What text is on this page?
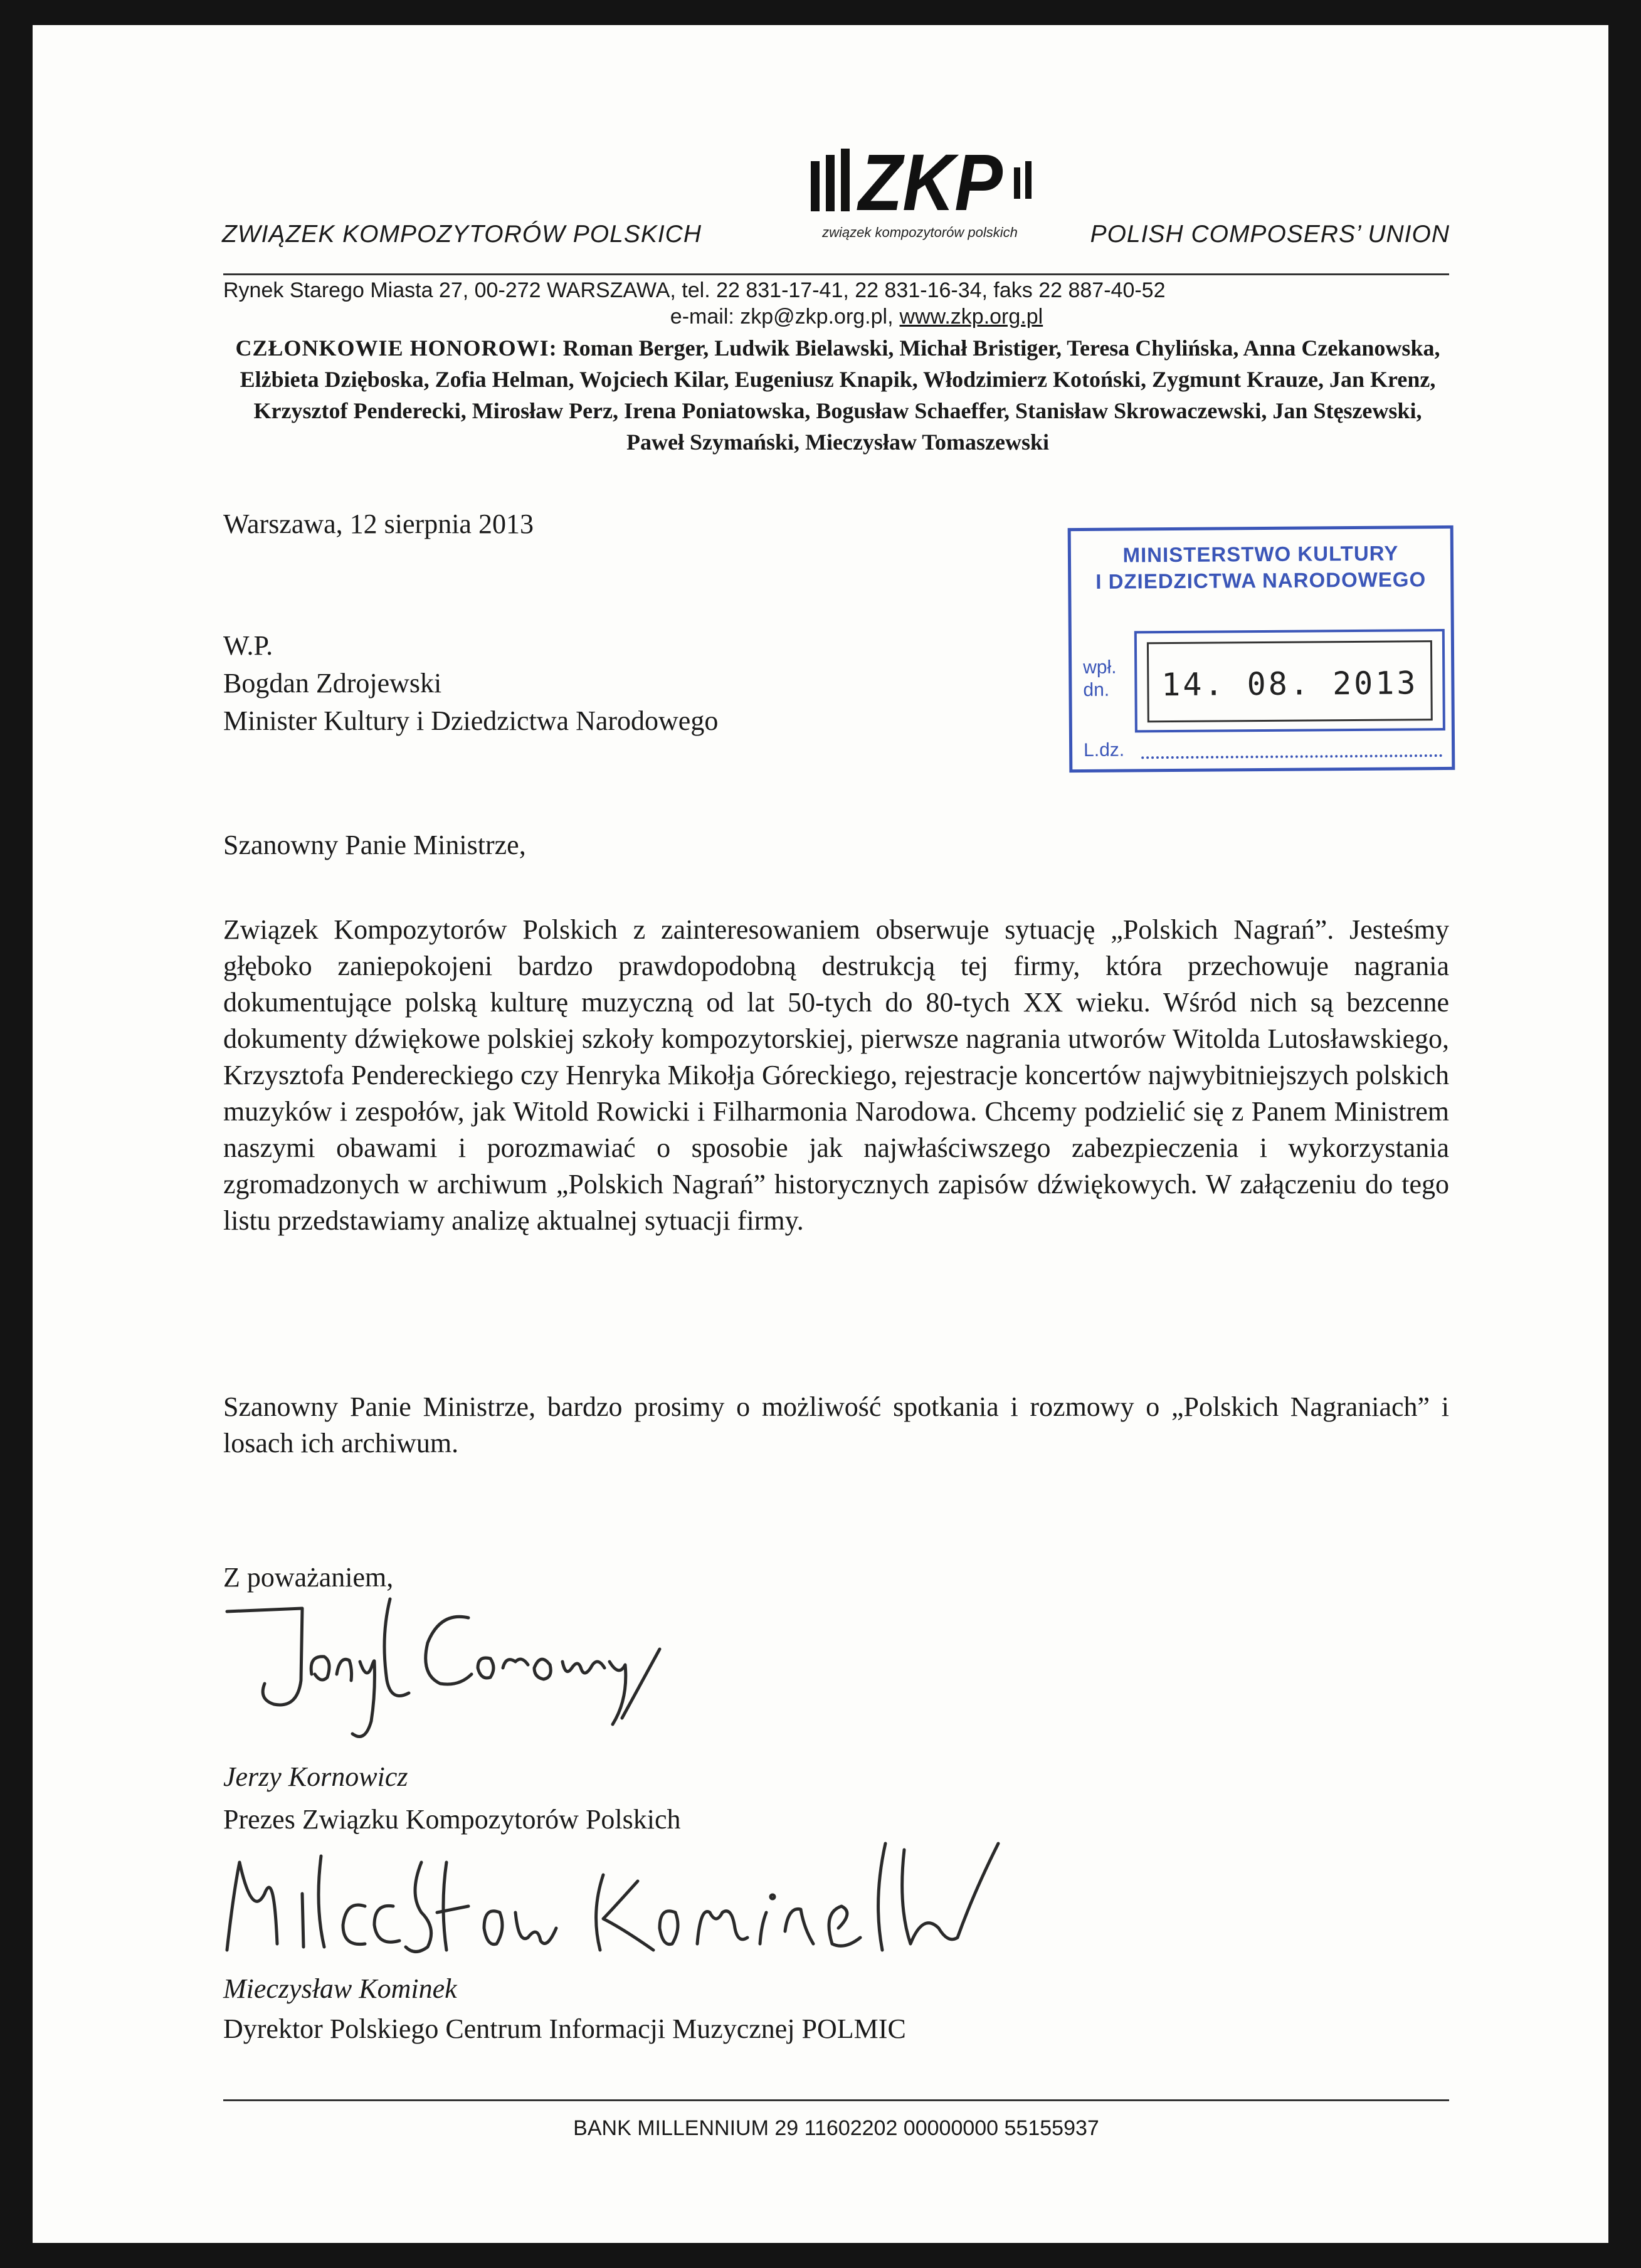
ZKP
związek kompozytorów polskich
ZWIĄZEK KOMPOZYTORÓW POLSKICH	POLISH COMPOSERS’ UNION
Rynek Starego Miasta 27, 00-272 WARSZAWA, tel. 22 831-17-41, 22 831-16-34, faks 22 887-40-52
e-mail: zkp@zkp.org.pl, www.zkp.org.pl
CZŁONKOWIE HONOROWI: Roman Berger, Ludwik Bielawski, Michał Bristiger, Teresa Chylińska, Anna Czekanowska, Elżbieta Dzięboska, Zofia Helman, Wojciech Kilar, Eugeniusz Knapik, Włodzimierz Kotoński, Zygmunt Krauze, Jan Krenz, Krzysztof Penderecki, Mirosław Perz, Irena Poniatowska, Bogusław Schaeffer, Stanisław Skrowaczewski, Jan Stęszewski, Paweł Szymański, Mieczysław Tomaszewski
MINISTERSTWO KULTURY
I DZIEDZICTWA NARODOWEGO
wpł.
dn.	14. 08. 2013
L.dz.
Warszawa, 12 sierpnia 2013
W.P.
Bogdan Zdrojewski
Minister Kultury i Dziedzictwa Narodowego
Szanowny Panie Ministrze,
Związek Kompozytorów Polskich z zainteresowaniem obserwuje sytuację „Polskich Nagrań”. Jesteśmy głęboko zaniepokojeni bardzo prawdopodobną destrukcją tej firmy, która przechowuje nagrania dokumentujące polską kulturę muzyczną od lat 50-tych do 80-tych XX wieku. Wśród nich są bezcenne dokumenty dźwiękowe polskiej szkoły kompozytorskiej, pierwsze nagrania utworów Witolda Lutosławskiego, Krzysztofa Pendereckiego czy Henryka Mikołja Góreckiego, rejestracje koncertów najwybitniejszych polskich muzyków i zespołów, jak Witold Rowicki i Filharmonia Narodowa. Chcemy podzielić się z Panem Ministrem naszymi obawami i porozmawiać o sposobie jak najwłaściwszego zabezpieczenia i wykorzystania zgromadzonych w archiwum „Polskich Nagrań” historycznych zapisów dźwiękowych. W załączeniu do tego listu przedstawiamy analizę aktualnej sytuacji firmy.
Szanowny Panie Ministrze, bardzo prosimy o możliwość spotkania i rozmowy o „Polskich Nagraniach” i losach ich archiwum.
Z poważaniem,
Jerzy Kornowicz
Prezes Związku Kompozytorów Polskich
Mieczysław Kominek
Dyrektor Polskiego Centrum Informacji Muzycznej POLMIC
BANK MILLENNIUM 29 11602202 00000000 55155937
